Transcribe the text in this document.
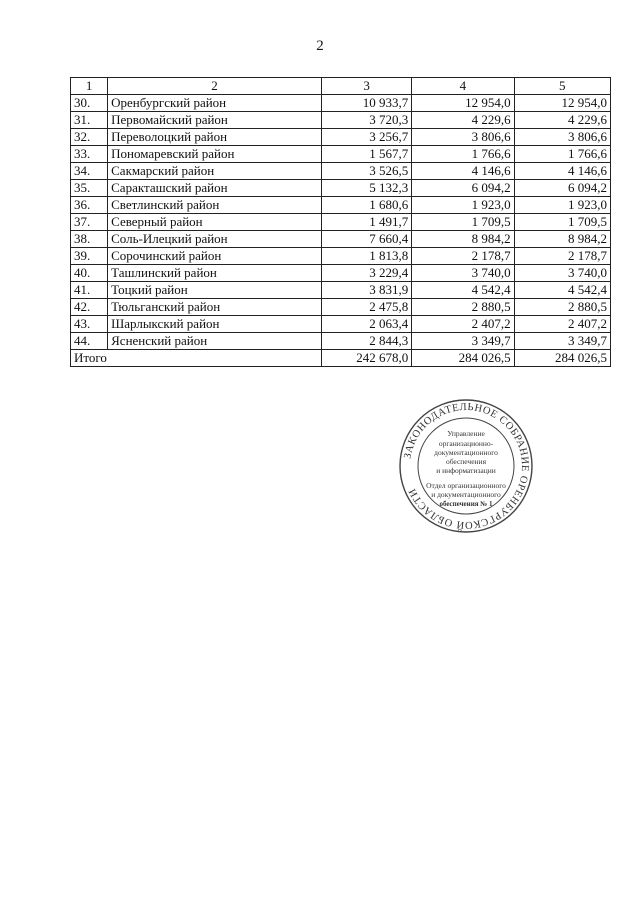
2
1	2	3	4	5
30.	Оренбургский район	10 933,7	12 954,0	12 954,0
31.	Первомайский район	3 720,3	4 229,6	4 229,6
32.	Переволоцкий район	3 256,7	3 806,6	3 806,6
33.	Пономаревский район	1 567,7	1 766,6	1 766,6
34.	Сакмарский район	3 526,5	4 146,6	4 146,6
35.	Саракташский район	5 132,3	6 094,2	6 094,2
36.	Светлинский район	1 680,6	1 923,0	1 923,0
37.	Северный район	1 491,7	1 709,5	1 709,5
38.	Соль-Илецкий район	7 660,4	8 984,2	8 984,2
39.	Сорочинский район	1 813,8	2 178,7	2 178,7
40.	Ташлинский район	3 229,4	3 740,0	3 740,0
41.	Тоцкий район	3 831,9	4 542,4	4 542,4
42.	Тюльганский район	2 475,8	2 880,5	2 880,5
43.	Шарлыкский район	2 063,4	2 407,2	2 407,2
44.	Ясненский район	2 844,3	3 349,7	3 349,7
Итого		242 678,0	284 026,5	284 026,5
ЗАКОНОДАТЕЛЬНОЕ СОБРАНИЕ ОРЕНБУРГСКОЙ ОБЛАСТИ
Управление
организационно-
документационного
обеспечения
и информатизации
Отдел организационного
и документационного
обеспечения № 1
